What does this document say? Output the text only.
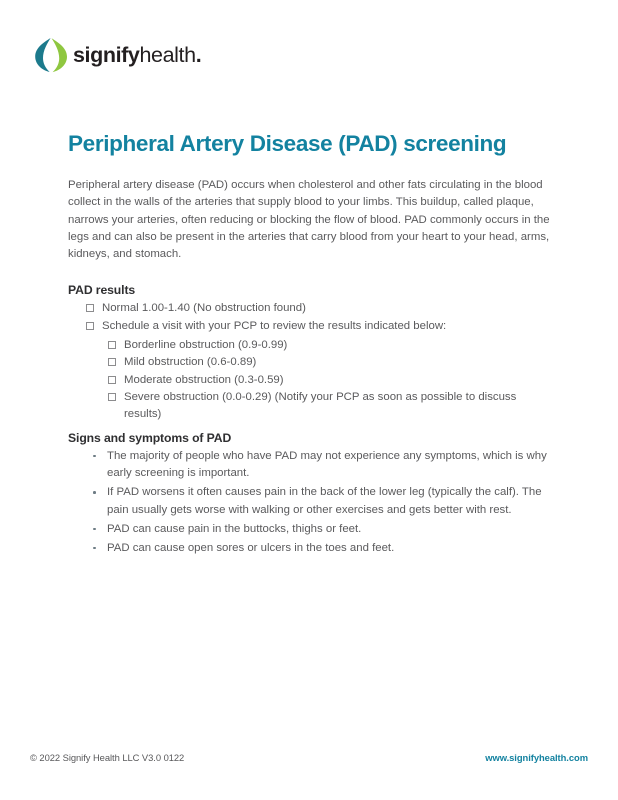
signifyhealth.
Peripheral Artery Disease (PAD) screening

Peripheral artery disease (PAD) occurs when cholesterol and other fats circulating in the blood collect in the walls of the arteries that supply blood to your limbs. This buildup, called plaque, narrows your arteries, often reducing or blocking the flow of blood. PAD commonly occurs in the legs and can also be present in the arteries that carry blood from your heart to your head, arms, kidneys, and stomach.

PAD results
Normal 1.00-1.40 (No obstruction found)
Schedule a visit with your PCP to review the results indicated below:
Borderline obstruction (0.9-0.99)
Mild obstruction (0.6-0.89)
Moderate obstruction (0.3-0.59)
Severe obstruction (0.0-0.29) (Notify your PCP as soon as possible to discuss results)
Signs and symptoms of PAD
The majority of people who have PAD may not experience any symptoms, which is why early screening is important.
If PAD worsens it often causes pain in the back of the lower leg (typically the calf). The pain usually gets worse with walking or other exercises and gets better with rest.
PAD can cause pain in the buttocks, thighs or feet.
PAD can cause open sores or ulcers in the toes and feet.
© 2022 Signify Health LLC V3.0 0122	www.signifyhealth.com
